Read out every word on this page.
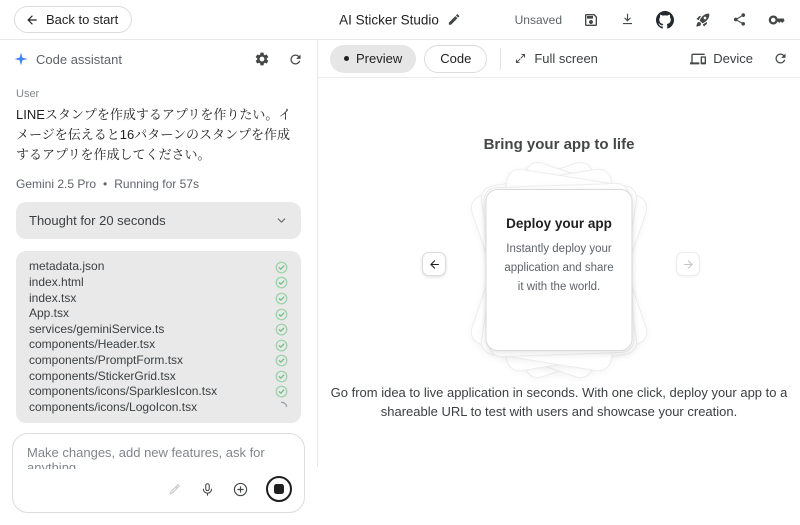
Back to start	AI Sticker Studio	Unsaved
Code assistant
User
LINEスタンプを作成するアプリを作りたい。イメージを伝えると16パターンのスタンプを作成するアプリを作成してください。
Gemini 2.5 Pro • Running for 57s
Thought for 20 seconds
metadata.json
index.html
index.tsx
App.tsx
services/geminiService.ts
components/Header.tsx
components/PromptForm.tsx
components/StickerGrid.tsx
components/icons/SparklesIcon.tsx
components/icons/LogoIcon.tsx
Make changes, add new features, ask for anything
Preview	Code	Full screen	Device
Bring your app to life
Deploy your app
Instantly deploy your application and share it with the world.

Go from idea to live application in seconds. With one click, deploy your app to a shareable URL to test with users and showcase your creation.
